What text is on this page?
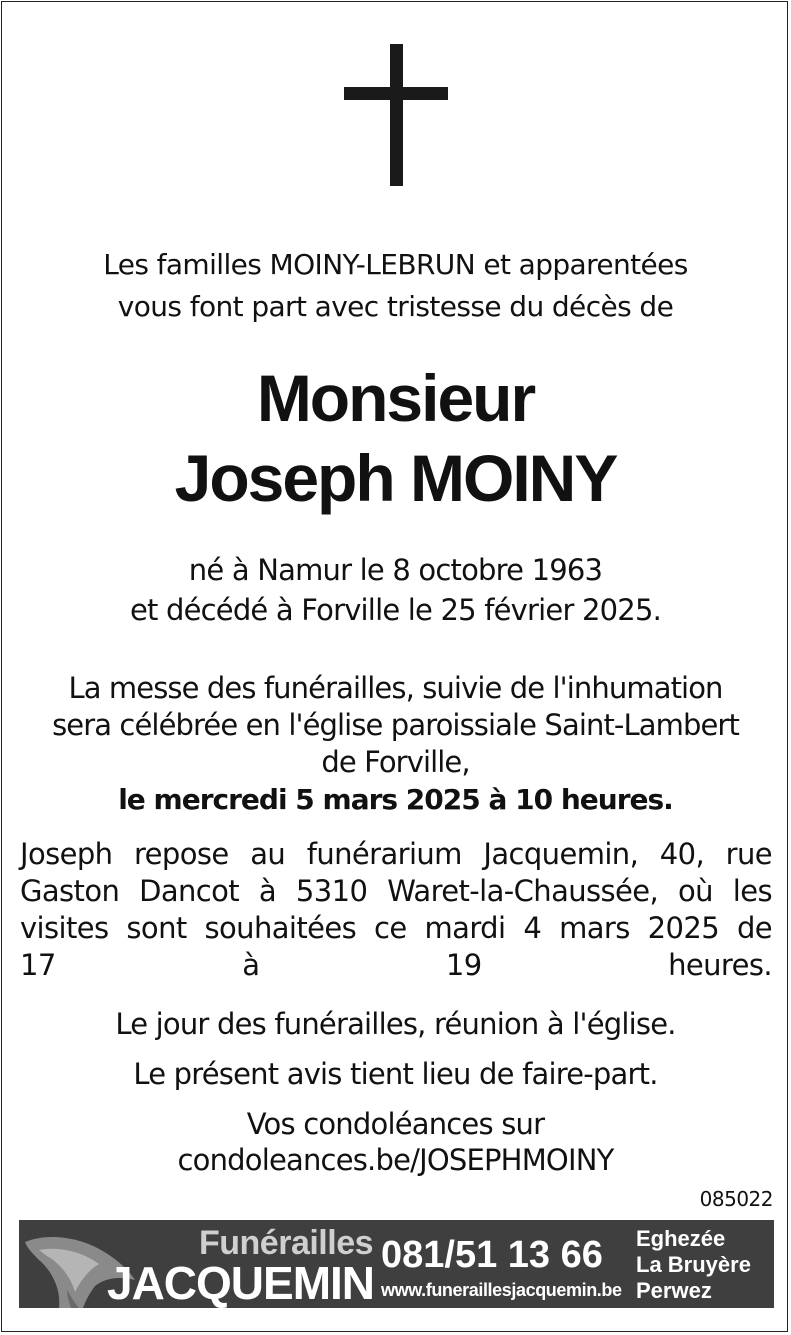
Les familles MOINY-LEBRUN et apparentées
vous font part avec tristesse du décès de
Monsieur
Joseph MOINY
né à Namur le 8 octobre 1963
et décédé à Forville le 25 février 2025.
La messe des funérailles, suivie de l'inhumation
sera célébrée en l'église paroissiale Saint-Lambert
de Forville,
le mercredi 5 mars 2025 à 10 heures.
Joseph repose au funérarium Jacquemin, 40, rue Gaston Dancot à 5310 Waret-la-Chaussée, où les visites sont souhaitées ce mardi 4 mars 2025 de 17 à 19 heures.
Le jour des funérailles, réunion à l'église.
Le présent avis tient lieu de faire-part.
Vos condoléances sur
condoleances.be/JOSEPHMOINY
085022
Funérailles
JACQUEMIN
081/51 13 66
www.funeraillesjacquemin.be
Eghezée
La Bruyère
Perwez
